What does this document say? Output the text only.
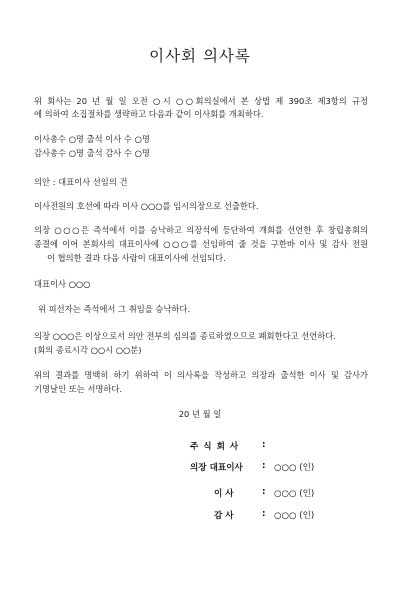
이사회 의사록
위 회사는 20 년 월 일 오전 ○시 ○○회의실에서 본 상법 제 390조 제3항의 규정
에 의하여 소집절차를 생략하고 다음과 같이 이사회를 개최하다.
이사총수 ○명 출석 이사 수 ○명
감사총수 ○명 출석 감사 수 ○명
의안 : 대표이사 선임의 건
이사전원의 호선에 따라 이사 ○○○를 임시의장으로 선출한다.
의장 ○○○은 즉석에서 이를 승낙하고 의장석에 등단하여 개회를 선언한 후 창립총회의
종결에 이어 본회사의 대표이사에 ○○○를 선임하여 줄 것을 구한바 이사 및 감사 전원
이 협의한 결과 다음 사람이 대표이사에 선임되다.
대표이사 ○○○
위 피선자는 즉석에서 그 취임을 승낙하다.
의장 ○○○은 이상으로서 의안 전부의 심의를 종료하였으므로 폐회한다고 선언하다.
(회의 종료시각 ○○시 ○○분)
위의 결과를 명백히 하기 위하여 이 의사록을 작성하고 의장과 출석한 이사 및 감사가
기명날인 또는 서명하다.
20 년 월 일
주식회사 :
의장 대표이사 : ○○○ (인)
이 사	: ○○○ (인)
감 사	: ○○○ (인)
